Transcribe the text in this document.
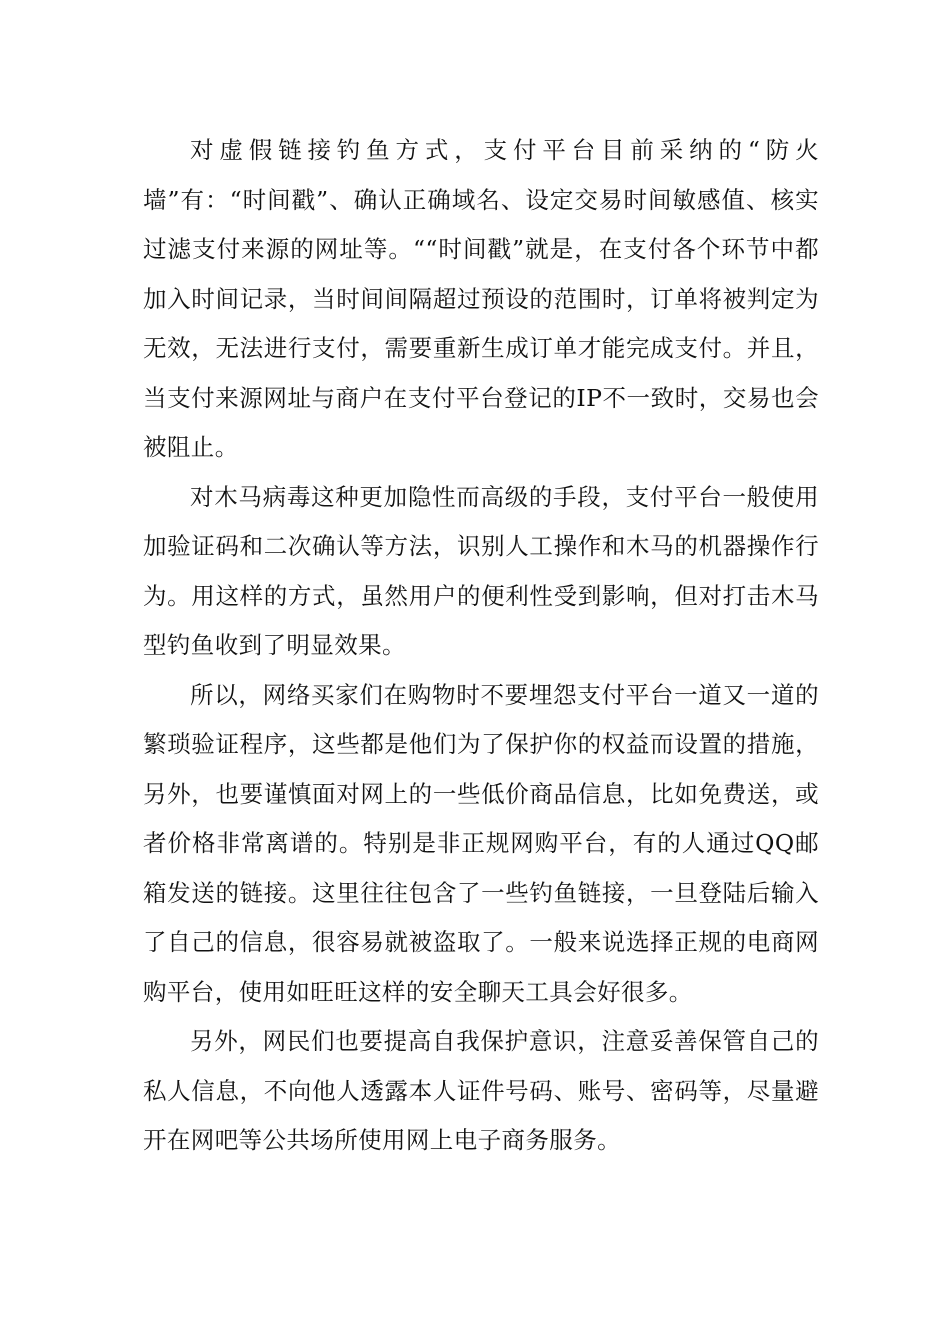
对虚假链接钓鱼方式，支付平台目前采纳的“防火墙”有：“时间戳”、确认正确域名、设定交易时间敏感值、核实过滤支付来源的网址等。““时间戳”就是，在支付各个环节中都加入时间记录，当时间间隔超过预设的范围时，订单将被判定为无效，无法进行支付，需要重新生成订单才能完成支付。并且，当支付来源网址与商户在支付平台登记的IP不一致时，交易也会被阻止。

对木马病毒这种更加隐性而高级的手段，支付平台一般使用加验证码和二次确认等方法，识别人工操作和木马的机器操作行为。用这样的方式，虽然用户的便利性受到影响，但对打击木马型钓鱼收到了明显效果。

所以，网络买家们在购物时不要埋怨支付平台一道又一道的繁琐验证程序，这些都是他们为了保护你的权益而设置的措施，另外，也要谨慎面对网上的一些低价商品信息，比如免费送，或者价格非常离谱的。特别是非正规网购平台，有的人通过QQ邮箱发送的链接。这里往往包含了一些钓鱼链接，一旦登陆后输入了自己的信息，很容易就被盗取了。一般来说选择正规的电商网购平台，使用如旺旺这样的安全聊天工具会好很多。

另外，网民们也要提高自我保护意识，注意妥善保管自己的私人信息，不向他人透露本人证件号码、账号、密码等，尽量避开在网吧等公共场所使用网上电子商务服务。
